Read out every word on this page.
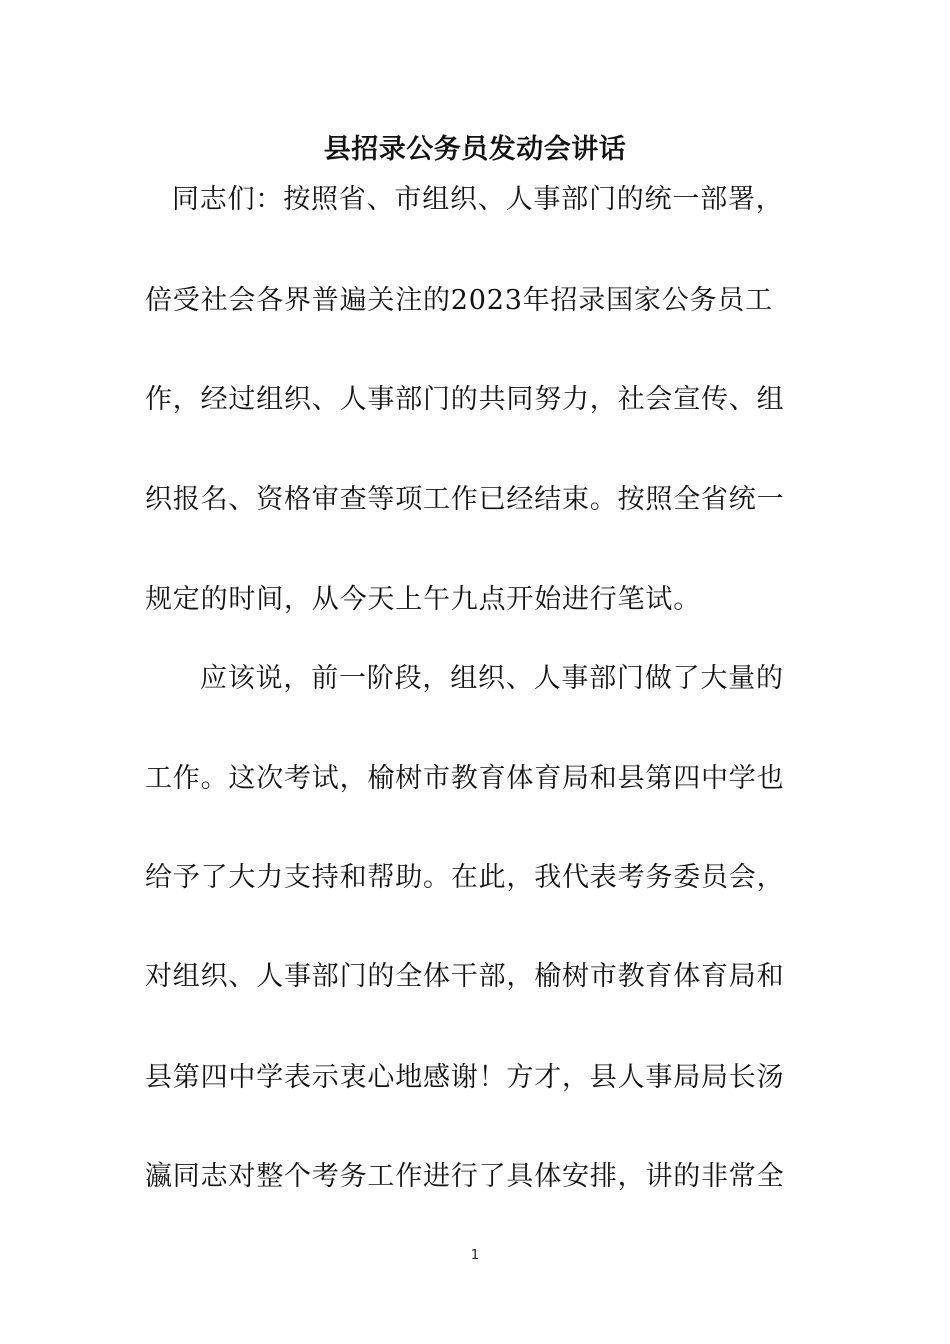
县招录公务员发动会讲话
同志们：按照省、市组织、人事部门的统一部署，
倍受社会各界普遍关注的2023年招录国家公务员工
作，经过组织、人事部门的共同努力，社会宣传、组
织报名、资格审查等项工作已经结束。按照全省统一
规定的时间，从今天上午九点开始进行笔试。
应该说，前一阶段，组织、人事部门做了大量的
工作。这次考试，榆树市教育体育局和县第四中学也
给予了大力支持和帮助。在此，我代表考务委员会，
对组织、人事部门的全体干部，榆树市教育体育局和
县第四中学表示衷心地感谢！方才，县人事局局长汤
瀛同志对整个考务工作进行了具体安排，讲的非常全
1
